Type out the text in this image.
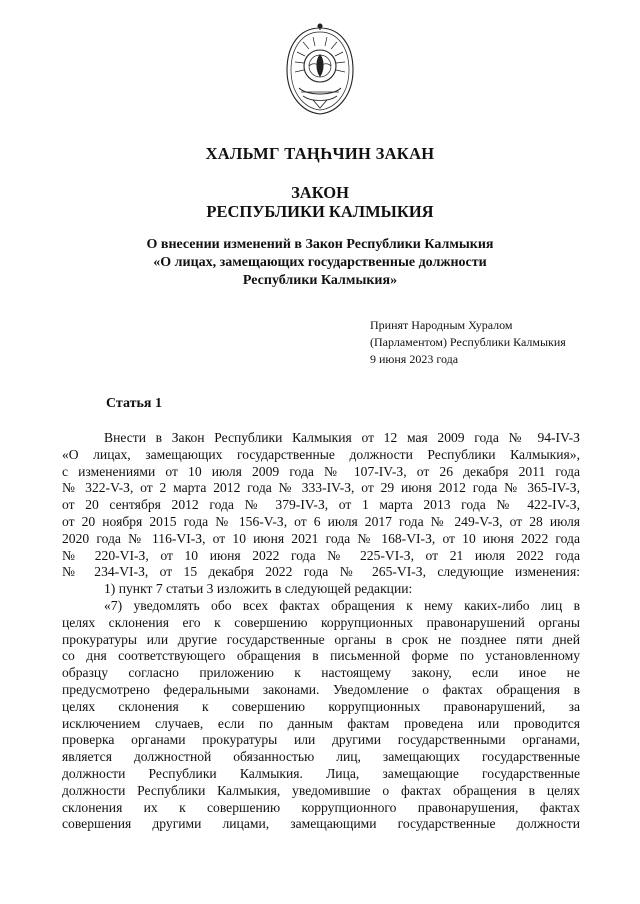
ХАЛЬМГ ТАҢҺЧИН ЗАКАН
ЗАКОН
РЕСПУБЛИКИ КАЛМЫКИЯ
О внесении изменений в Закон Республики Калмыкия
«О лицах, замещающих государственные должности
Республики Калмыкия»
Принят Народным Хуралом
(Парламентом) Республики Калмыкия
9 июня 2023 года
Статья 1
Внести в Закон Республики Калмыкия от 12 мая 2009 года № 94-IV-З
«О лицах, замещающих государственные должности Республики Калмыкия»,
с изменениями от 10 июля 2009 года № 107-IV-З, от 26 декабря 2011 года
№ 322-V-З, от 2 марта 2012 года № 333-IV-З, от 29 июня 2012 года № 365-IV-З,
от 20 сентября 2012 года № 379-IV-З, от 1 марта 2013 года № 422-IV-З,
от 20 ноября 2015 года № 156-V-З, от 6 июля 2017 года № 249-V-З, от 28 июля
2020 года № 116-VI-З, от 10 июня 2021 года № 168-VI-З, от 10 июня 2022 года
№ 220-VI-З, от 10 июня 2022 года № 225-VI-З, от 21 июля 2022 года
№ 234-VI-З, от 15 декабря 2022 года № 265-VI-З, следующие изменения:
1) пункт 7 статьи 3 изложить в следующей редакции:
«7) уведомлять обо всех фактах обращения к нему каких-либо лиц в
целях склонения его к совершению коррупционных правонарушений органы
прокуратуры или другие государственные органы в срок не позднее пяти дней
со дня соответствующего обращения в письменной форме по установленному
образцу согласно приложению к настоящему закону, если иное не
предусмотрено федеральными законами. Уведомление о фактах обращения в
целях склонения к совершению коррупционных правонарушений, за
исключением случаев, если по данным фактам проведена или проводится
проверка органами прокуратуры или другими государственными органами,
является должностной обязанностью лиц, замещающих государственные
должности Республики Калмыкия. Лица, замещающие государственные
должности Республики Калмыкия, уведомившие о фактах обращения в целях
склонения их к совершению коррупционного правонарушения, фактах
совершения другими лицами, замещающими государственные должности
